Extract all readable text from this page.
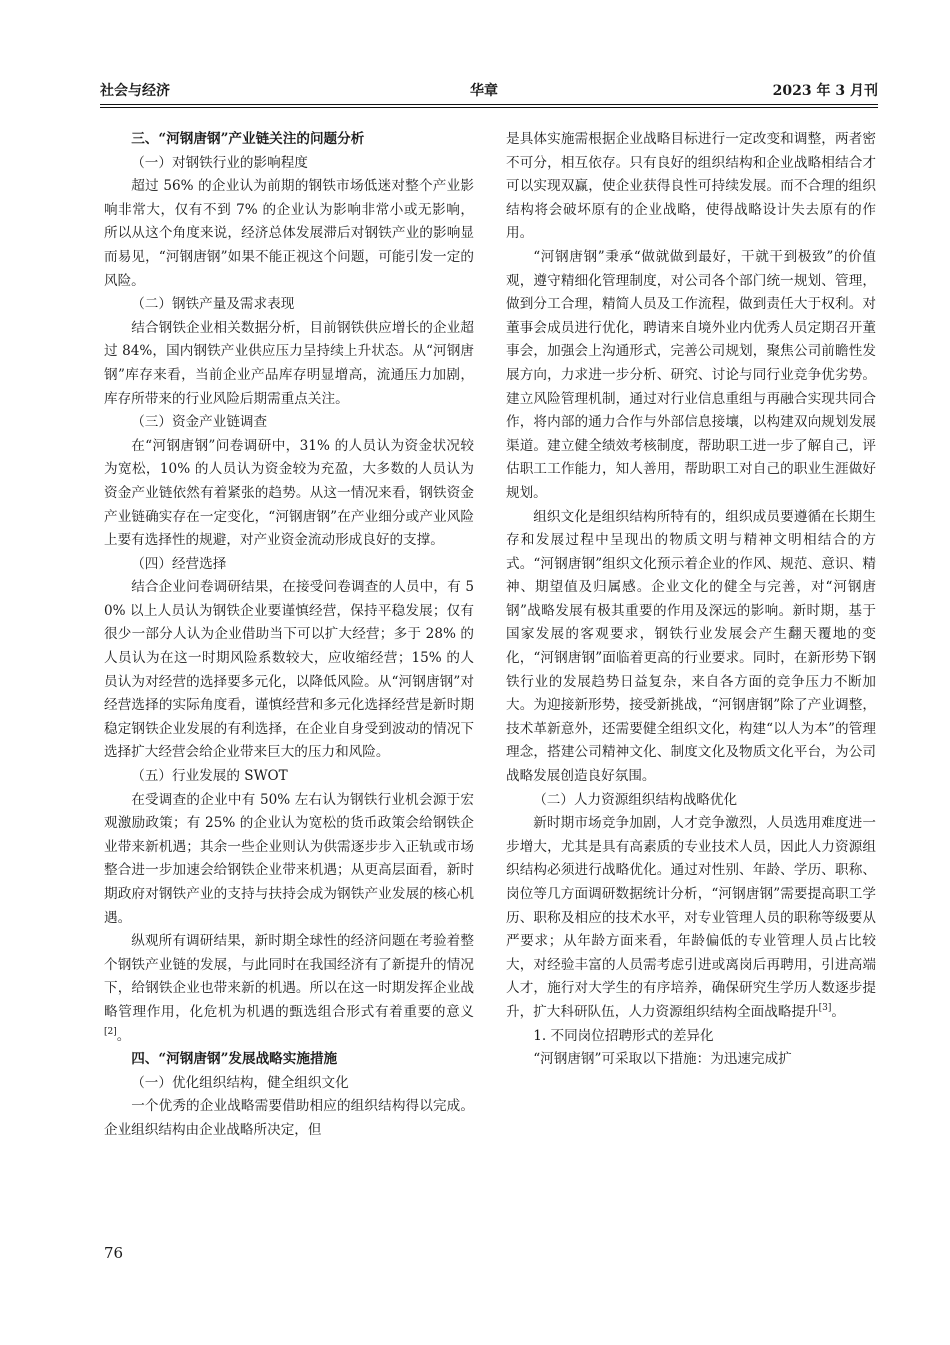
社会与经济	华章	2023 年 3 月刊
三、“河钢唐钢”产业链关注的问题分析
（一）对钢铁行业的影响程度

超过 56% 的企业认为前期的钢铁市场低迷对整个产业影响非常大，仅有不到 7% 的企业认为影响非常小或无影响，所以从这个角度来说，经济总体发展滞后对钢铁产业的影响显而易见，“河钢唐钢”如果不能正视这个问题，可能引发一定的风险。

（二）钢铁产量及需求表现

结合钢铁企业相关数据分析，目前钢铁供应增长的企业超过 84%，国内钢铁产业供应压力呈持续上升状态。从“河钢唐钢”库存来看，当前企业产品库存明显增高，流通压力加剧，库存所带来的行业风险后期需重点关注。

（三）资金产业链调查

在“河钢唐钢”问卷调研中，31% 的人员认为资金状况较为宽松，10% 的人员认为资金较为充盈，大多数的人员认为资金产业链依然有着紧张的趋势。从这一情况来看，钢铁资金产业链确实存在一定变化，“河钢唐钢”在产业细分或产业风险上要有选择性的规避，对产业资金流动形成良好的支撑。

（四）经营选择

结合企业问卷调研结果，在接受问卷调查的人员中，有 50% 以上人员认为钢铁企业要谨慎经营，保持平稳发展；仅有很少一部分人认为企业借助当下可以扩大经营；多于 28% 的人员认为在这一时期风险系数较大，应收缩经营；15% 的人员认为对经营的选择要多元化，以降低风险。从“河钢唐钢”对经营选择的实际角度看，谨慎经营和多元化选择经营是新时期稳定钢铁企业发展的有利选择，在企业自身受到波动的情况下选择扩大经营会给企业带来巨大的压力和风险。

（五）行业发展的 SWOT

在受调查的企业中有 50% 左右认为钢铁行业机会源于宏观激励政策；有 25% 的企业认为宽松的货币政策会给钢铁企业带来新机遇；其余一些企业则认为供需逐步步入正轨或市场整合进一步加速会给钢铁企业带来机遇；从更高层面看，新时期政府对钢铁产业的支持与扶持会成为钢铁产业发展的核心机遇。

纵观所有调研结果，新时期全球性的经济问题在考验着整个钢铁产业链的发展，与此同时在我国经济有了新提升的情况下，给钢铁企业也带来新的机遇。所以在这一时期发挥企业战略管理作用，化危机为机遇的甄选组合形式有着重要的意义[2]。

四、“河钢唐钢”发展战略实施措施
（一）优化组织结构，健全组织文化

一个优秀的企业战略需要借助相应的组织结构得以完成。企业组织结构由企业战略所决定，但

是具体实施需根据企业战略目标进行一定改变和调整，两者密不可分，相互依存。只有良好的组织结构和企业战略相结合才可以实现双赢，使企业获得良性可持续发展。而不合理的组织结构将会破坏原有的企业战略，使得战略设计失去原有的作用。

“河钢唐钢”秉承“做就做到最好，干就干到极致”的价值观，遵守精细化管理制度，对公司各个部门统一规划、管理，做到分工合理，精简人员及工作流程，做到责任大于权利。对董事会成员进行优化，聘请来自境外业内优秀人员定期召开董事会，加强会上沟通形式，完善公司规划，聚焦公司前瞻性发展方向，力求进一步分析、研究、讨论与同行业竞争优劣势。建立风险管理机制，通过对行业信息重组与再融合实现共同合作，将内部的通力合作与外部信息接壤，以构建双向规划发展渠道。建立健全绩效考核制度，帮助职工进一步了解自己，评估职工工作能力，知人善用，帮助职工对自己的职业生涯做好规划。

组织文化是组织结构所特有的，组织成员要遵循在长期生存和发展过程中呈现出的物质文明与精神文明相结合的方式。“河钢唐钢”组织文化预示着企业的作风、规范、意识、精神、期望值及归属感。企业文化的健全与完善，对“河钢唐钢”战略发展有极其重要的作用及深远的影响。新时期，基于国家发展的客观要求，钢铁行业发展会产生翻天覆地的变化，“河钢唐钢”面临着更高的行业要求。同时，在新形势下钢铁行业的发展趋势日益复杂，来自各方面的竞争压力不断加大。为迎接新形势，接受新挑战，“河钢唐钢”除了产业调整，技术革新意外，还需要健全组织文化，构建“以人为本”的管理理念，搭建公司精神文化、制度文化及物质文化平台，为公司战略发展创造良好氛围。

（二）人力资源组织结构战略优化

新时期市场竞争加剧，人才竞争激烈，人员选用难度进一步增大，尤其是具有高素质的专业技术人员，因此人力资源组织结构必须进行战略优化。通过对性别、年龄、学历、职称、岗位等几方面调研数据统计分析，“河钢唐钢”需要提高职工学历、职称及相应的技术水平，对专业管理人员的职称等级要从严要求；从年龄方面来看，年龄偏低的专业管理人员占比较大，对经验丰富的人员需考虑引进或离岗后再聘用，引进高端人才，施行对大学生的有序培养，确保研究生学历人数逐步提升，扩大科研队伍，人力资源组织结构全面战略提升[3]。

1. 不同岗位招聘形式的差异化

“河钢唐钢”可采取以下措施：为迅速完成扩

76
